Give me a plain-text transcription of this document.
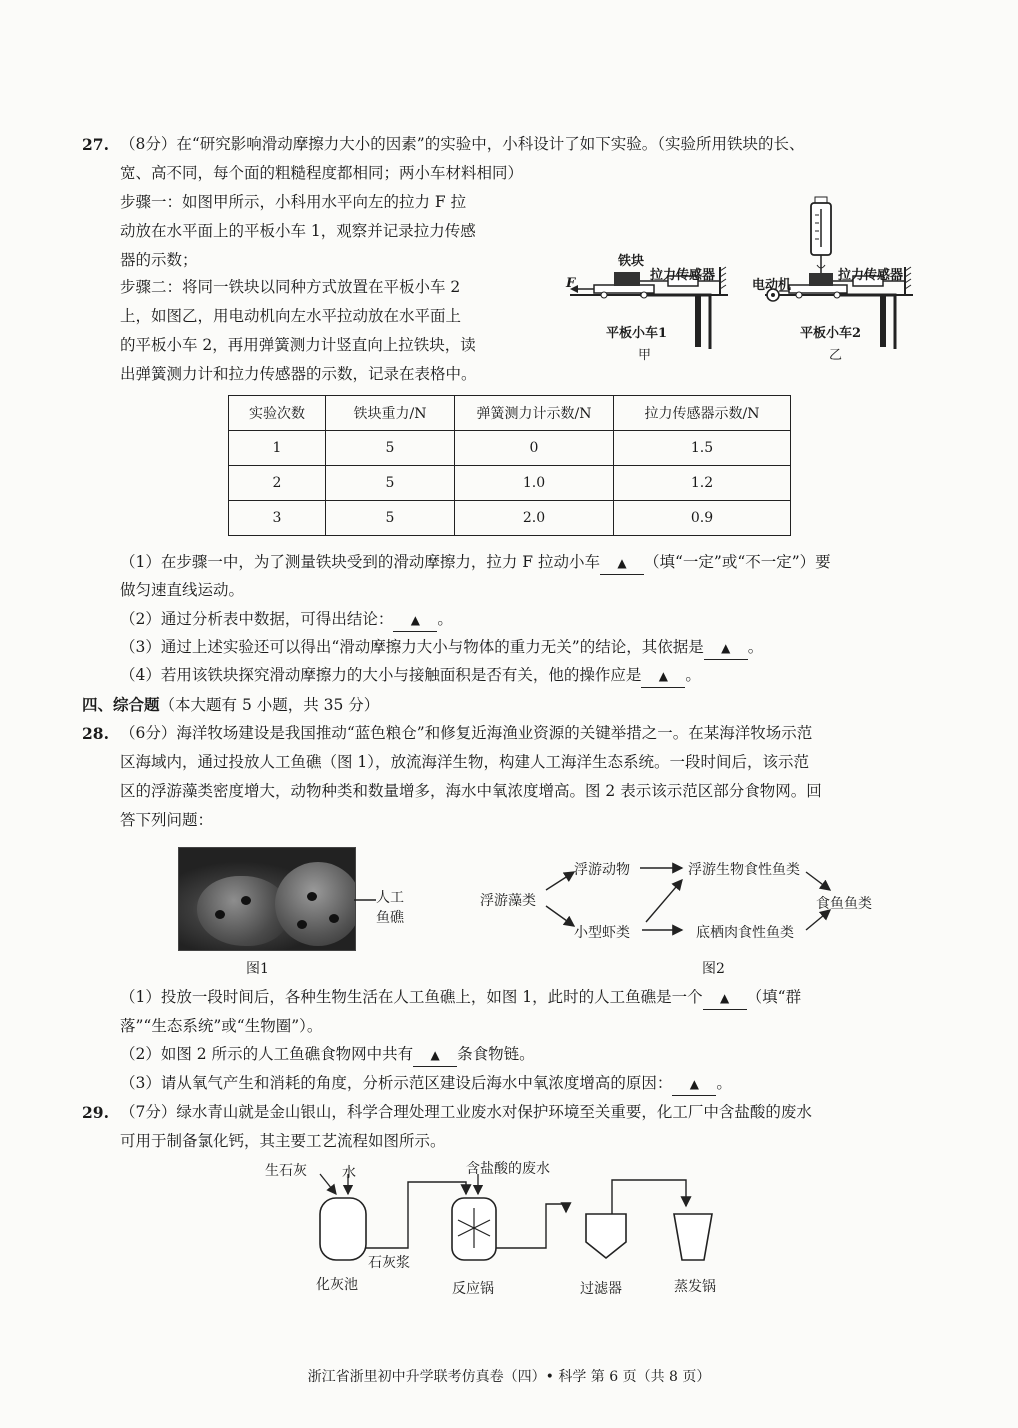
27. （8分）在“研究影响滑动摩擦力大小的因素”的实验中，小科设计了如下实验。（实验所用铁块的长、
宽、高不同，每个面的粗糙程度都相同；两小车材料相同）
步骤一：如图甲所示，小科用水平向左的拉力 F 拉
动放在水平面上的平板小车 1，观察并记录拉力传感
器的示数；
步骤二：将同一铁块以同种方式放置在平板小车 2
上，如图乙，用电动机向左水平拉动放在水平面上
的平板小车 2，再用弹簧测力计竖直向上拉铁块，读
出弹簧测力计和拉力传感器的示数，记录在表格中。
铁块
拉力传感器
F
平板小车1
甲
电动机
拉力传感器
平板小车2
乙
实验次数	铁块重力/N	弹簧测力计示数/N	拉力传感器示数/N
1	5	0	1.5
2	5	1.0	1.2
3	5	2.0	0.9
（1）在步骤一中，为了测量铁块受到的滑动摩擦力，拉力 F 拉动小车 ▲ （填“一定”或“不一定”）要
做匀速直线运动。
（2）通过分析表中数据，可得出结论： ▲ 。
（3）通过上述实验还可以得出“滑动摩擦力大小与物体的重力无关”的结论，其依据是 ▲ 。
（4）若用该铁块探究滑动摩擦力的大小与接触面积是否有关，他的操作应是 ▲ 。
四、综合题（本大题有 5 小题，共 35 分）
28. （6分）海洋牧场建设是我国推动“蓝色粮仓”和修复近海渔业资源的关键举措之一。在某海洋牧场示范
区海域内，通过投放人工鱼礁（图 1），放流海洋生物，构建人工海洋生态系统。一段时间后，该示范
区的浮游藻类密度增大，动物种类和数量增多，海水中氧浓度增高。图 2 表示该示范区部分食物网。回
答下列问题：
人工
鱼礁
图1
浮游藻类
浮游动物
小型虾类
浮游生物食性鱼类
底栖肉食性鱼类
食鱼鱼类
图2
（1）投放一段时间后，各种生物生活在人工鱼礁上，如图 1，此时的人工鱼礁是一个 ▲ （填“群
落”“生态系统”或“生物圈”）。
（2）如图 2 所示的人工鱼礁食物网中共有 ▲ 条食物链。
（3）请从氧气产生和消耗的角度，分析示范区建设后海水中氧浓度增高的原因： ▲ 。
29. （7分）绿水青山就是金山银山，科学合理处理工业废水对保护环境至关重要，化工厂中含盐酸的废水
可用于制备氯化钙，其主要工艺流程如图所示。
生石灰	水	含盐酸的废水
石灰浆
化灰池	反应锅	过滤器	蒸发锅
浙江省浙里初中升学联考仿真卷（四）• 科学 第 6 页（共 8 页）
